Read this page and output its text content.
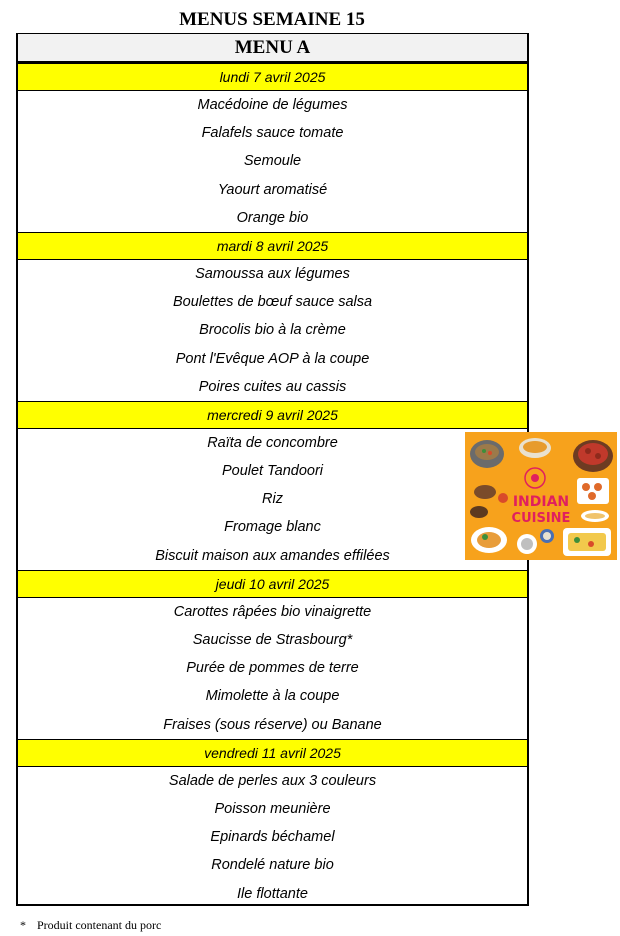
MENUS SEMAINE 15
MENU A
lundi 7 avril 2025
Macédoine de légumes
Falafels sauce tomate
Semoule
Yaourt aromatisé
Orange bio
mardi 8 avril 2025
Samoussa aux légumes
Boulettes de bœuf sauce salsa
Brocolis bio à la crème
Pont l'Evêque AOP à la coupe
Poires cuites au cassis
mercredi 9 avril 2025
Raïta de concombre
Poulet Tandoori
Riz
Fromage blanc
Biscuit maison aux amandes effilées
jeudi 10 avril 2025
Carottes râpées bio vinaigrette
Saucisse de Strasbourg*
Purée de pommes de terre
Mimolette à la coupe
Fraises (sous réserve) ou Banane
vendredi 11 avril 2025
Salade de perles aux 3 couleurs
Poisson meunière
Epinards béchamel
Rondelé nature bio
Ile flottante
INDIAN
CUISINE
* Produit contenant du porc
